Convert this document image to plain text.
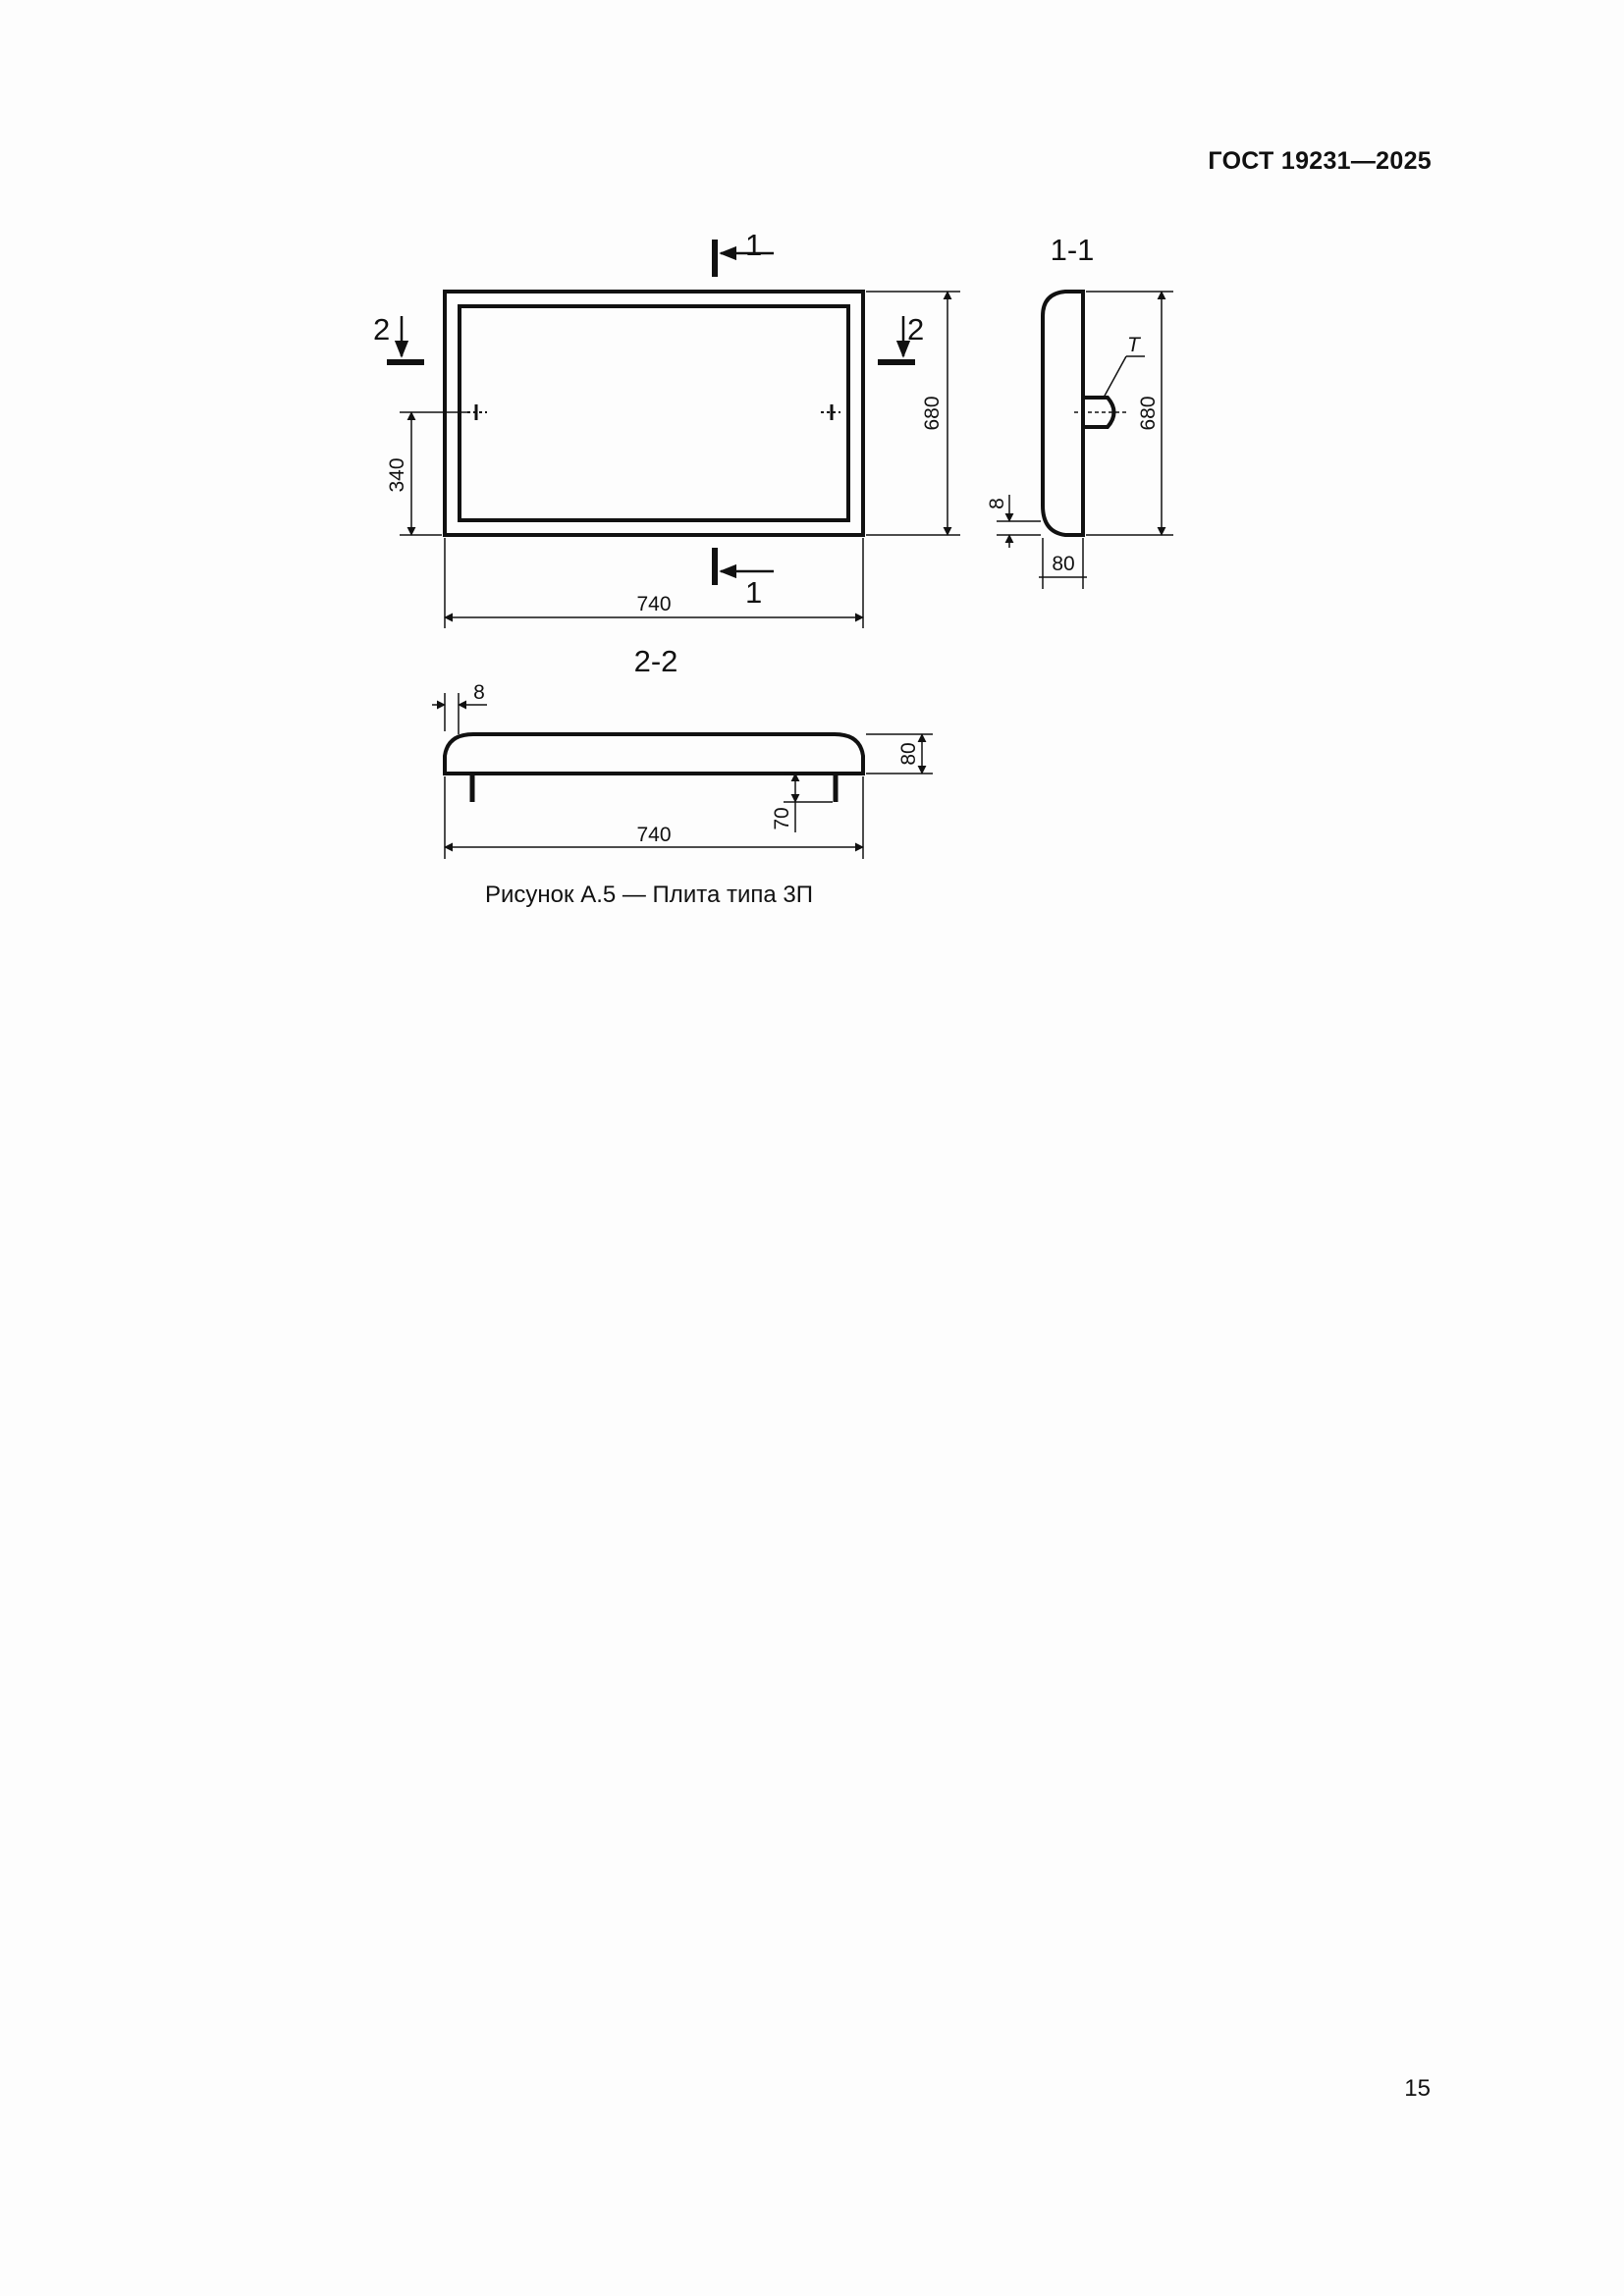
ГОСТ 19231—2025
740
680
340
1
1
2	2
1-1
680
80
8
T
2-2
740
80
70
8
Рисунок А.5 — Плита типа 3П
15
